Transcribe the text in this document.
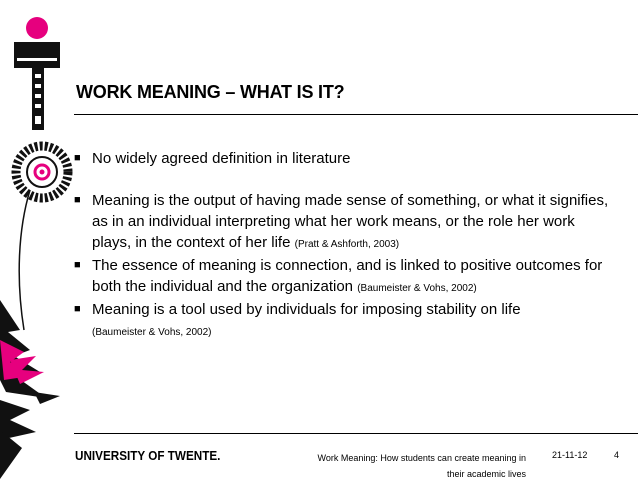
WORK MEANING – WHAT IS IT?
■ No widely agreed definition in literature
■ Meaning is the output of having made sense of something, or what it signifies, as in an individual interpreting what her work means, or the role her work plays, in the context of her life (Pratt & Ashforth, 2003)
■ The essence of meaning is connection, and is linked to positive outcomes for both the individual and the organization (Baumeister & Vohs, 2002)
■ Meaning is a tool used by individuals for imposing stability on life
(Baumeister & Vohs, 2002)
UNIVERSITY OF TWENTE.	Work Meaning: How students can create meaning in their academic lives
21-11-12	4
